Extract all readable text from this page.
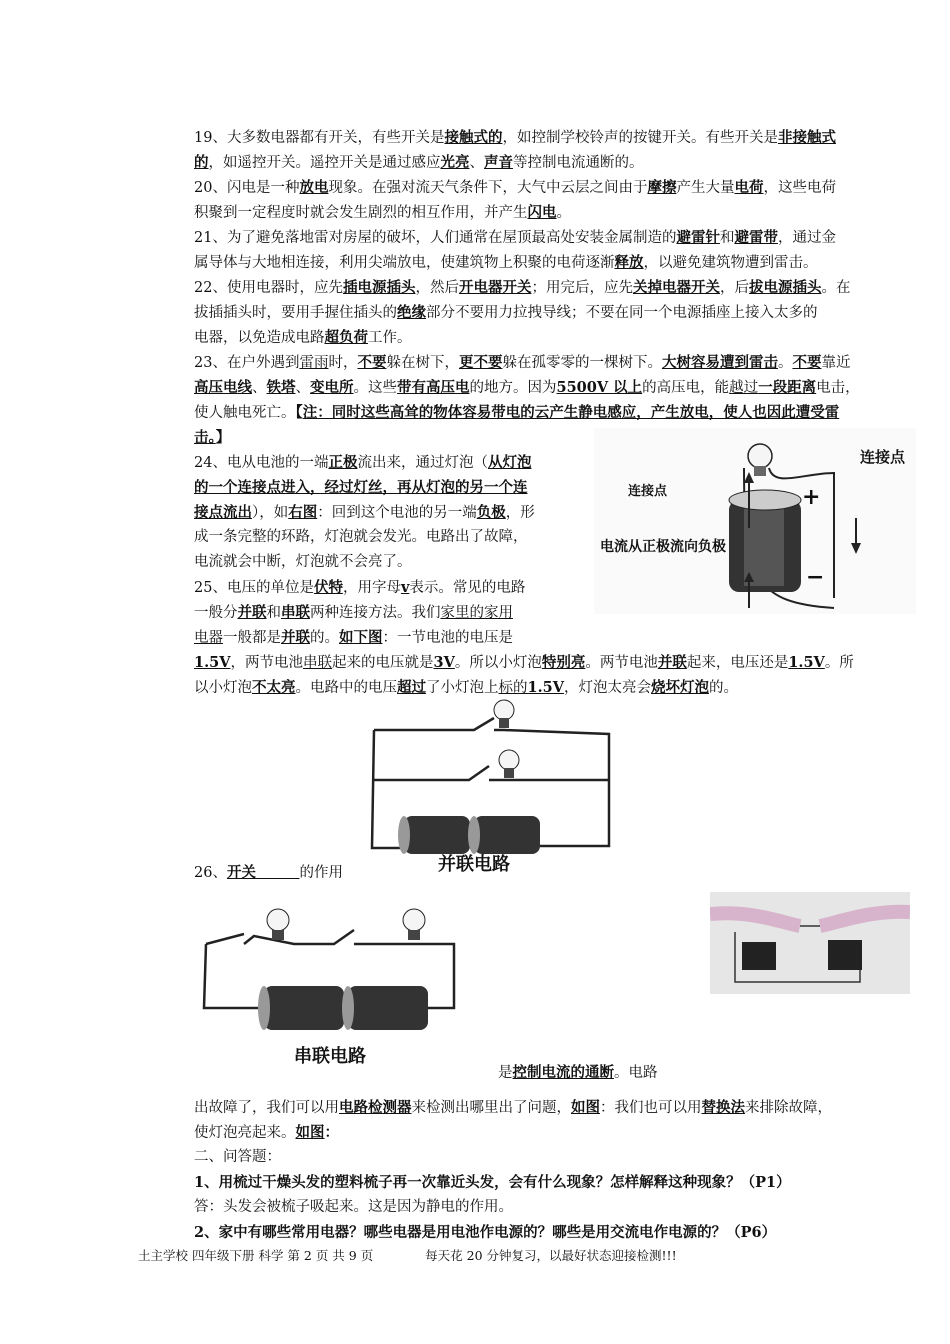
19、大多数电器都有开关，有些开关是接触式的，如控制学校铃声的按键开关。有些开关是非接触式
的，如遥控开关。遥控开关是通过感应光亮、声音等控制电流通断的。
20、闪电是一种放电现象。在强对流天气条件下，大气中云层之间由于摩擦产生大量电荷，这些电荷
积聚到一定程度时就会发生剧烈的相互作用，并产生闪电。
21、为了避免落地雷对房屋的破坏，人们通常在屋顶最高处安装金属制造的避雷针和避雷带，通过金
属导体与大地相连接，利用尖端放电，使建筑物上积聚的电荷逐渐释放，以避免建筑物遭到雷击。
22、使用电器时，应先插电源插头，然后开电器开关；用完后，应先关掉电器开关，后拔电源插头。在
拔插插头时，要用手握住插头的绝缘部分不要用力拉拽导线；不要在同一个电源插座上接入太多的
电器，以免造成电路超负荷工作。
23、在户外遇到雷雨时，不要躲在树下，更不要躲在孤零零的一棵树下。大树容易遭到雷击。不要靠近
高压电线、铁塔、变电所。这些带有高压电的地方。因为5500V 以上的高压电，能越过一段距离电击，
使人触电死亡。【注：同时这些高耸的物体容易带电的云产生静电感应，产生放电，使人也因此遭受雷
击。】
24、电从电池的一端正极流出来，通过灯泡（从灯泡
的一个连接点进入，经过灯丝，再从灯泡的另一个连
接点流出），如右图：回到这个电池的另一端负极，形
成一条完整的环路，灯泡就会发光。电路出了故障，
电流就会中断，灯泡就不会亮了。
25、电压的单位是伏特，用字母v表示。常见的电路
一般分并联和串联两种连接方法。我们家里的家用
电器一般都是并联的。如下图：一节电池的电压是
1.5V，两节电池串联起来的电压就是3V。所以小灯泡特别亮。两节电池并联起来，电压还是1.5V。所
以小灯泡不太亮。电路中的电压超过了小灯泡上标的1.5V，灯泡太亮会烧坏灯泡的。
26、开关　　　	的作用
是控制电流的通断。电路
出故障了，我们可以用电路检测器来检测出哪里出了问题，如图：我们也可以用替换法来排除故障，
使灯泡亮起来。如图：
二、问答题：
1、用梳过干燥头发的塑料梳子再一次靠近头发，会有什么现象？怎样解释这种现象？（P1）
答：头发会被梳子吸起来。这是因为静电的作用。
2、家中有哪些常用电器？哪些电器是用电池作电源的？哪些是用交流电作电源的？（P6）
连接点
连接点
电流从正极流向负极
+
−
并联电路
串联电路
土主学校 四年级下册 科学 第 2 页 共 9 页	每天花 20 分钟复习，以最好状态迎接检测!!!
